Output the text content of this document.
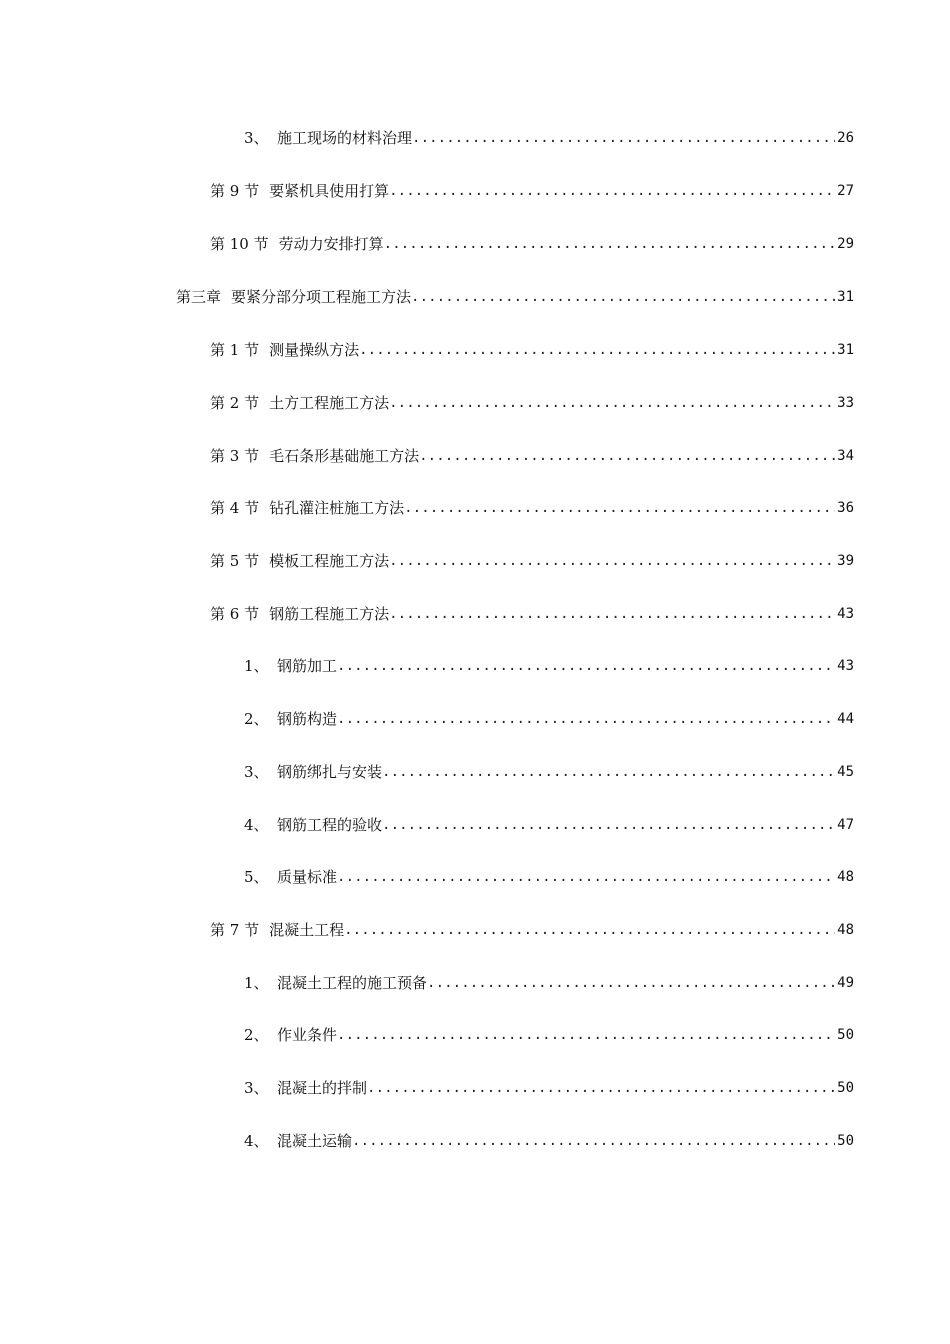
3、 施工现场的材料治理 .....	26
第 9 节 要紧机具使用打算 .....	27
第 10 节 劳动力安排打算 .....	29
第三章 要紧分部分项工程施工方法 .....	31
第 1 节 测量操纵方法 .....	31
第 2 节 土方工程施工方法 .....	33
第 3 节 毛石条形基础施工方法 .....	34
第 4 节 钻孔灌注桩施工方法 .....	36
第 5 节 模板工程施工方法 .....	39
第 6 节 钢筋工程施工方法 .....	43
1、 钢筋加工 .....	43
2、 钢筋构造 .....	44
3、 钢筋绑扎与安装 .....	45
4、 钢筋工程的验收 .....	47
5、 质量标准 .....	48
第 7 节 混凝土工程 .....	48
1、 混凝土工程的施工预备 .....	49
2、 作业条件 .....	50
3、 混凝土的拌制 .....	50
4、 混凝土运输 .....	50
